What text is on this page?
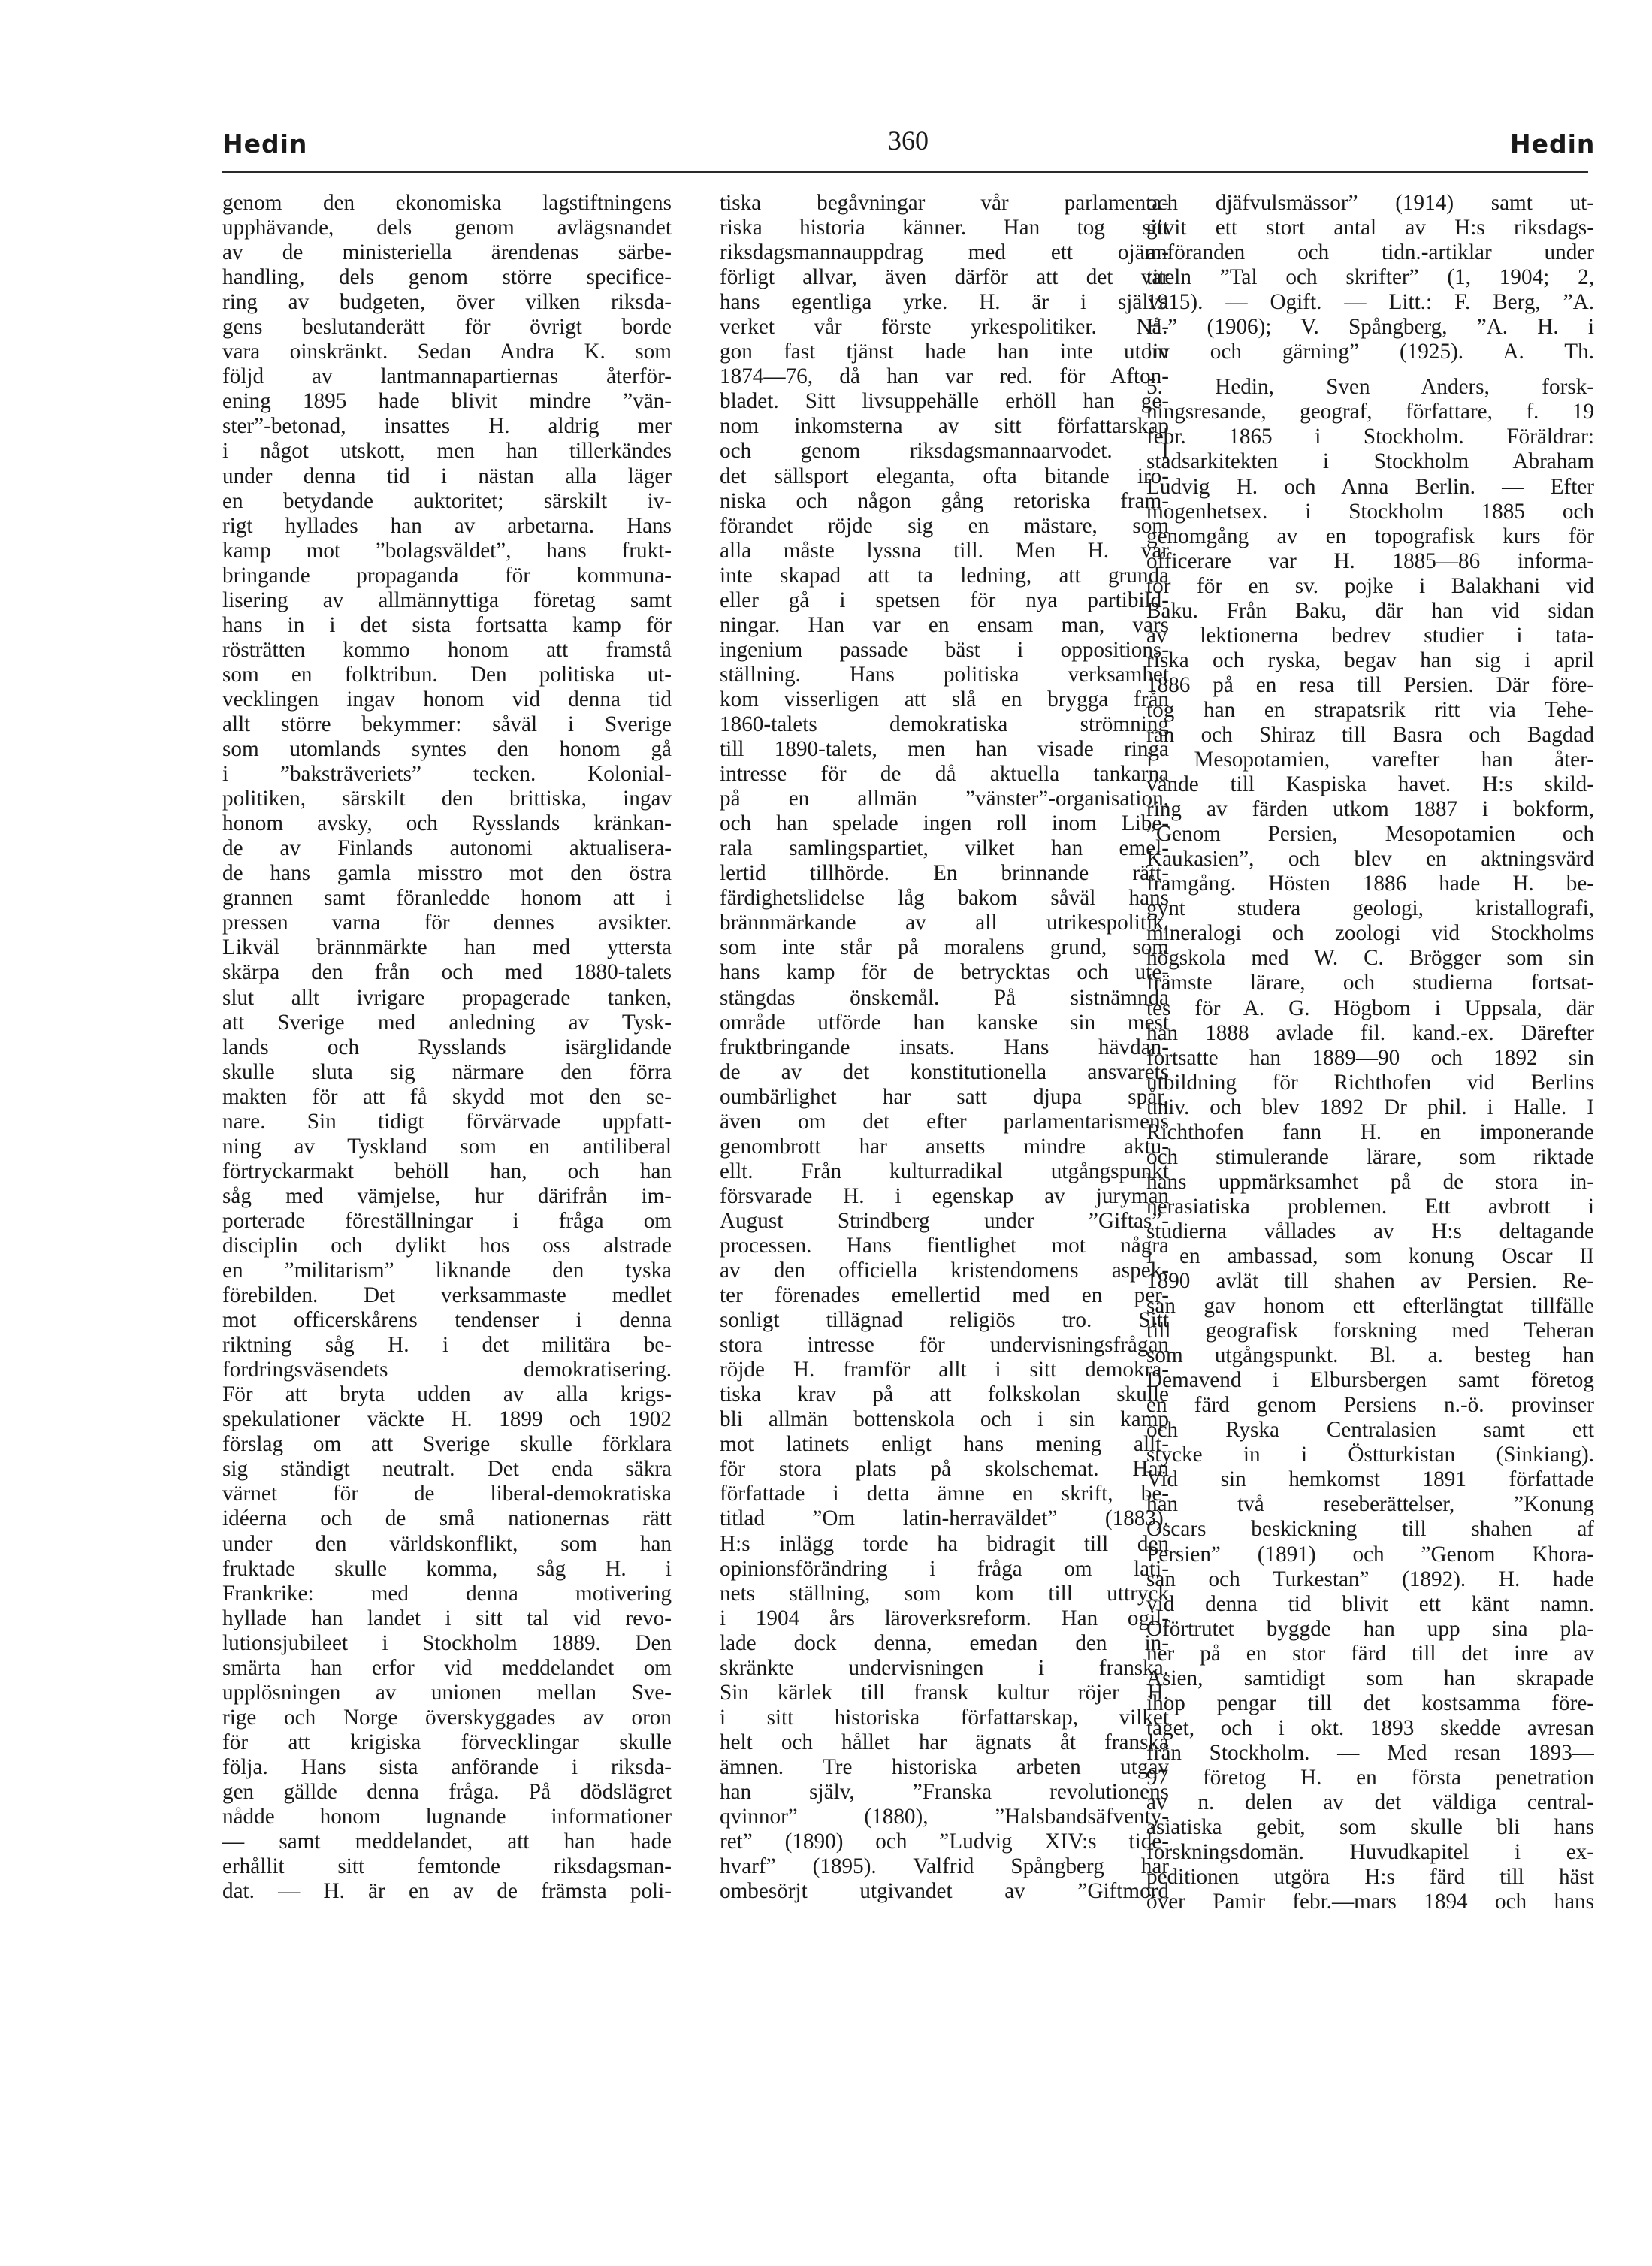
Hedin	360	Hedin
genom den ekonomiska lagstiftningens
upphävande, dels genom avlägsnandet
av de ministeriella ärendenas särbe-
handling, dels genom större specifice-
ring av budgeten, över vilken riksda-
gens beslutanderätt för övrigt borde
vara oinskränkt. Sedan Andra K. som
följd av lantmannapartiernas återför-
ening 1895 hade blivit mindre ”vän-
ster”-betonad, insattes H. aldrig mer
i något utskott, men han tillerkändes
under denna tid i nästan alla läger
en betydande auktoritet; särskilt iv-
rigt hyllades han av arbetarna. Hans
kamp mot ”bolagsväldet”, hans frukt-
bringande propaganda för kommuna-
lisering av allmännyttiga företag samt
hans in i det sista fortsatta kamp för
rösträtten kommo honom att framstå
som en folktribun. Den politiska ut-
vecklingen ingav honom vid denna tid
allt större bekymmer: såväl i Sverige
som utomlands syntes den honom gå
i ”baksträveriets” tecken. Kolonial-
politiken, särskilt den brittiska, ingav
honom avsky, och Rysslands kränkan-
de av Finlands autonomi aktualisera-
de hans gamla misstro mot den östra
grannen samt föranledde honom att i
pressen varna för dennes avsikter.
Likväl brännmärkte han med yttersta
skärpa den från och med 1880-talets
slut allt ivrigare propagerade tanken,
att Sverige med anledning av Tysk-
lands och Rysslands isärglidande
skulle sluta sig närmare den förra
makten för att få skydd mot den se-
nare. Sin tidigt förvärvade uppfatt-
ning av Tyskland som en antiliberal
förtryckarmakt behöll han, och han
såg med vämjelse, hur därifrån im-
porterade föreställningar i fråga om
disciplin och dylikt hos oss alstrade
en ”militarism” liknande den tyska
förebilden. Det verksammaste medlet
mot officerskårens tendenser i denna
riktning såg H. i det militära be-
fordringsväsendets demokratisering.
För att bryta udden av alla krigs-
spekulationer väckte H. 1899 och 1902
förslag om att Sverige skulle förklara
sig ständigt neutralt. Det enda säkra
värnet för de liberal-demokratiska
idéerna och de små nationernas rätt
under den världskonflikt, som han
fruktade skulle komma, såg H. i
Frankrike: med denna motivering
hyllade han landet i sitt tal vid revo-
lutionsjubileet i Stockholm 1889. Den
smärta han erfor vid meddelandet om
upplösningen av unionen mellan Sve-
rige och Norge överskyggades av oron
för att krigiska förvecklingar skulle
följa. Hans sista anförande i riksda-
gen gällde denna fråga. På dödslägret
nådde honom lugnande informationer
— samt meddelandet, att han hade
erhållit sitt femtonde riksdagsman-
dat. — H. är en av de främsta poli-
tiska begåvningar vår parlamenta-
riska historia känner. Han tog sitt
riksdagsmannauppdrag med ett ojäm-
förligt allvar, även därför att det var
hans egentliga yrke. H. är i själva
verket vår förste yrkespolitiker. Nå-
gon fast tjänst hade han inte utom
1874—76, då han var red. för Afton-
bladet. Sitt livsuppehälle erhöll han ge-
nom inkomsterna av sitt författarskap
och genom riksdagsmannaarvodet. I
det sällsport eleganta, ofta bitande iro-
niska och någon gång retoriska fram-
förandet röjde sig en mästare, som
alla måste lyssna till. Men H. var
inte skapad att ta ledning, att grunda
eller gå i spetsen för nya partibild-
ningar. Han var en ensam man, vars
ingenium passade bäst i oppositions-
ställning. Hans politiska verksamhet
kom visserligen att slå en brygga från
1860-talets demokratiska strömning
till 1890-talets, men han visade ringa
intresse för de då aktuella tankarna
på en allmän ”vänster”-organisation,
och han spelade ingen roll inom Libe-
rala samlingspartiet, vilket han emel-
lertid tillhörde. En brinnande rätt-
färdighetslidelse låg bakom såväl hans
brännmärkande av all utrikespolitik,
som inte står på moralens grund, som
hans kamp för de betrycktas och ute-
stängdas önskemål. På sistnämnda
område utförde han kanske sin mest
fruktbringande insats. Hans hävdan-
de av det konstitutionella ansvarets
oumbärlighet har satt djupa spår,
även om det efter parlamentarismens
genombrott har ansetts mindre aktu-
ellt. Från kulturradikal utgångspunkt
försvarade H. i egenskap av juryman
August Strindberg under ”Giftas”-
processen. Hans fientlighet mot några
av den officiella kristendomens aspek-
ter förenades emellertid med en per-
sonligt tillägnad religiös tro. Sitt
stora intresse för undervisningsfrågan
röjde H. framför allt i sitt demokra-
tiska krav på att folkskolan skulle
bli allmän bottenskola och i sin kamp
mot latinets enligt hans mening allt-
för stora plats på skolschemat. Han
författade i detta ämne en skrift, be-
titlad ”Om latin-herraväldet” (1883).
H:s inlägg torde ha bidragit till den
opinionsförändring i fråga om lati-
nets ställning, som kom till uttryck
i 1904 års läroverksreform. Han ogil-
lade dock denna, emedan den in-
skränkte undervisningen i franska.
Sin kärlek till fransk kultur röjer H.
i sitt historiska författarskap, vilket
helt och hållet har ägnats åt franska
ämnen. Tre historiska arbeten utgav
han själv, ”Franska revolutionens
qvinnor” (1880), ”Halsbandsäfventy-
ret” (1890) och ”Ludvig XIV:s tide-
hvarf” (1895). Valfrid Spångberg har
ombesörjt utgivandet av ”Giftmord
och djäfvulsmässor” (1914) samt ut-
givit ett stort antal av H:s riksdags-
anföranden och tidn.-artiklar under
titeln ”Tal och skrifter” (1, 1904; 2,
1915). — Ogift. — Litt.: F. Berg, ”A.
H.” (1906); V. Spångberg, ”A. H. i
liv och gärning” (1925). A. Th.
5. Hedin, Sven Anders, forsk-
ningsresande, geograf, författare, f. 19
febr. 1865 i Stockholm. Föräldrar:
stadsarkitekten i Stockholm Abraham
Ludvig H. och Anna Berlin. — Efter
mogenhetsex. i Stockholm 1885 och
genomgång av en topografisk kurs för
officerare var H. 1885—86 informa-
tor för en sv. pojke i Balakhani vid
Baku. Från Baku, där han vid sidan
av lektionerna bedrev studier i tata-
riska och ryska, begav han sig i april
1886 på en resa till Persien. Där före-
tog han en strapatsrik ritt via Tehe-
ran och Shiraz till Basra och Bagdad
i Mesopotamien, varefter han åter-
vände till Kaspiska havet. H:s skild-
ring av färden utkom 1887 i bokform,
”Genom Persien, Mesopotamien och
Kaukasien”, och blev en aktningsvärd
framgång. Hösten 1886 hade H. be-
gynt studera geologi, kristallografi,
mineralogi och zoologi vid Stockholms
högskola med W. C. Brögger som sin
främste lärare, och studierna fortsat-
tes för A. G. Högbom i Uppsala, där
han 1888 avlade fil. kand.-ex. Därefter
fortsatte han 1889—90 och 1892 sin
utbildning för Richthofen vid Berlins
univ. och blev 1892 Dr phil. i Halle. I
Richthofen fann H. en imponerande
och stimulerande lärare, som riktade
hans uppmärksamhet på de stora in-
nerasiatiska problemen. Ett avbrott i
studierna vållades av H:s deltagande
i en ambassad, som konung Oscar II
1890 avlät till shahen av Persien. Re-
san gav honom ett efterlängtat tillfälle
till geografisk forskning med Teheran
som utgångspunkt. Bl. a. besteg han
Demavend i Elbursbergen samt företog
en färd genom Persiens n.-ö. provinser
och Ryska Centralasien samt ett
stycke in i Östturkistan (Sinkiang).
Vid sin hemkomst 1891 författade
han två reseberättelser, ”Konung
Oscars beskickning till shahen af
Persien” (1891) och ”Genom Khora-
san och Turkestan” (1892). H. hade
vid denna tid blivit ett känt namn.
Oförtrutet byggde han upp sina pla-
ner på en stor färd till det inre av
Asien, samtidigt som han skrapade
ihop pengar till det kostsamma före-
taget, och i okt. 1893 skedde avresan
från Stockholm. — Med resan 1893—
97 företog H. en första penetration
av n. delen av det väldiga central-
asiatiska gebit, som skulle bli hans
forskningsdomän. Huvudkapitel i ex-
peditionen utgöra H:s färd till häst
över Pamir febr.—mars 1894 och hans
